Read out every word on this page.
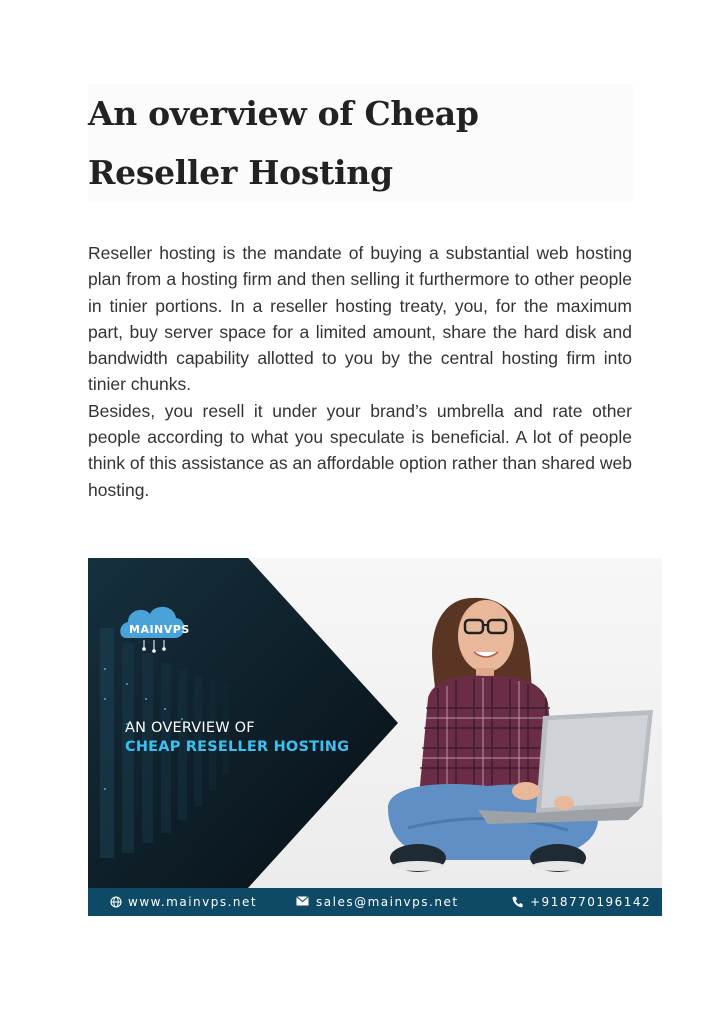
An overview of Cheap Reseller Hosting

Reseller hosting is the mandate of buying a substantial web hosting plan from a hosting firm and then selling it furthermore to other people in tinier portions. In a reseller hosting treaty, you, for the maximum part, buy server space for a limited amount, share the hard disk and bandwidth capability allotted to you by the central hosting firm into tinier chunks.

Besides, you resell it under your brand’s umbrella and rate other people according to what you speculate is beneficial. A lot of people think of this assistance as an affordable option rather than shared web hosting.

MAINVPS
AN OVERVIEW OF
CHEAP RESELLER HOSTING
www.mainvps.net	sales@mainvps.net	+918770196142
